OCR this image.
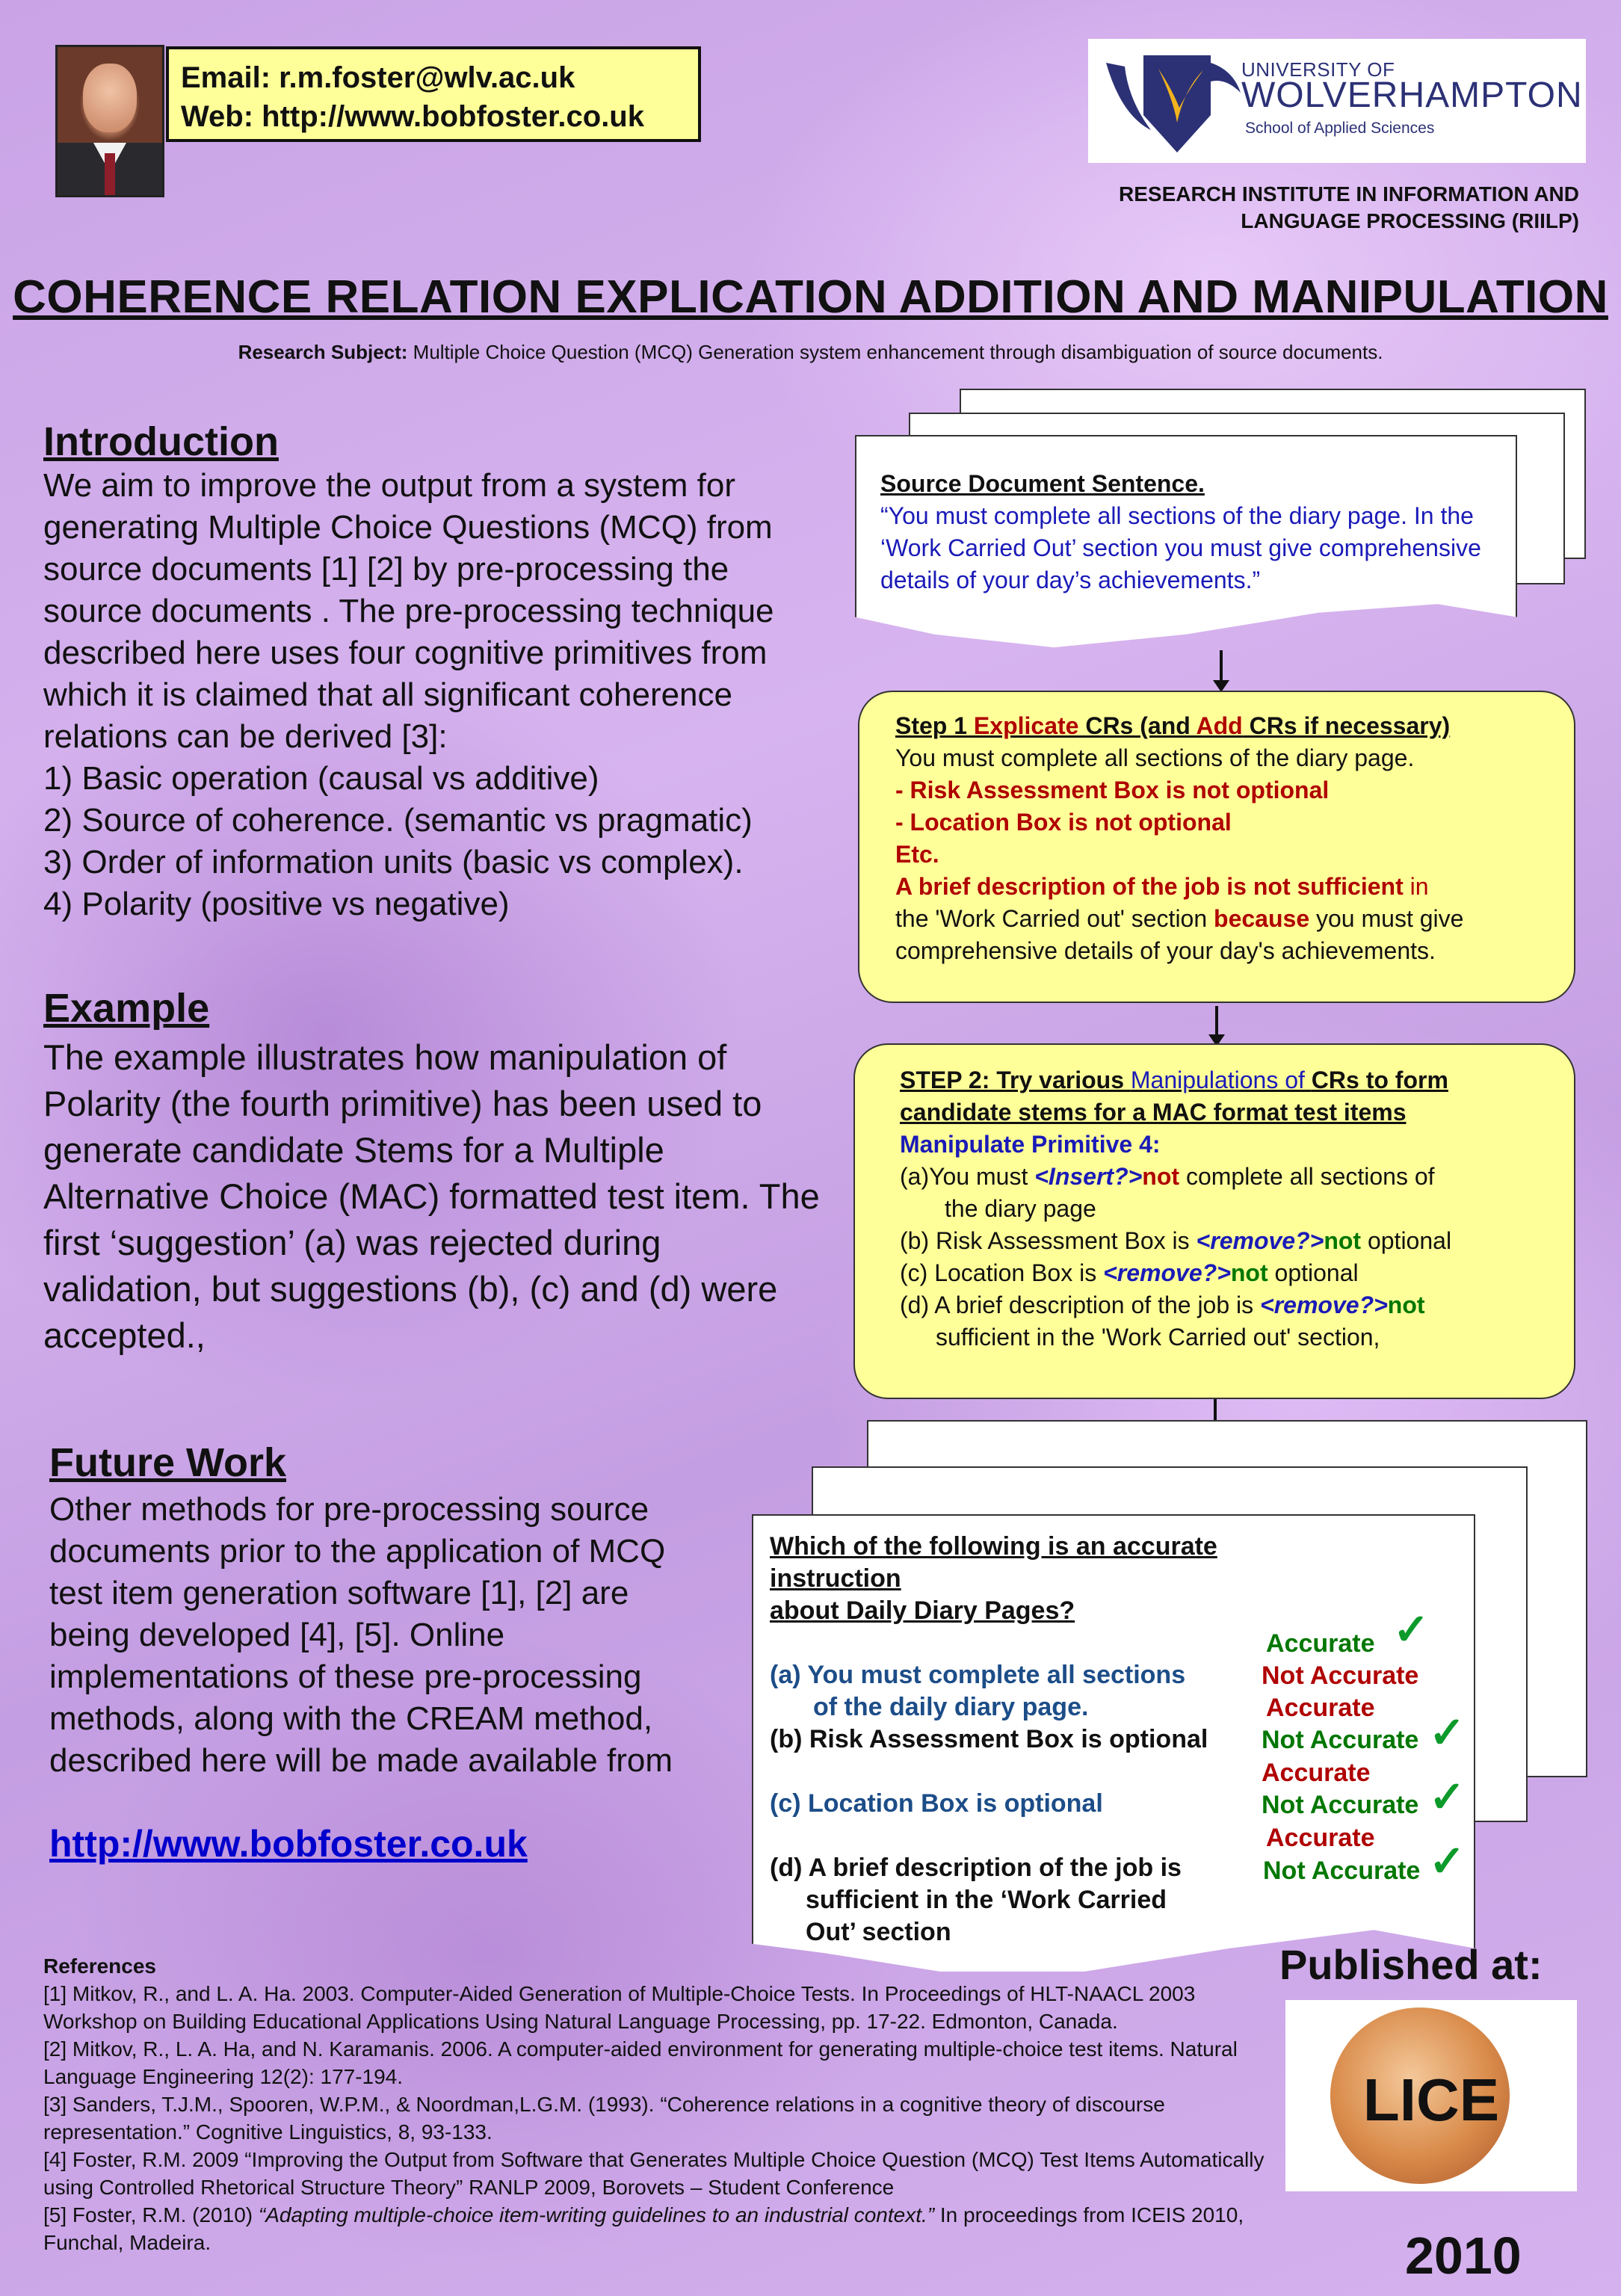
Email: r.m.foster@wlv.ac.uk
Web: http://www.bobfoster.co.uk
UNIVERSITY OF
WOLVERHAMPTON
School of Applied Sciences
RESEARCH INSTITUTE IN INFORMATION AND
LANGUAGE PROCESSING (RIILP)
COHERENCE RELATION EXPLICATION ADDITION AND MANIPULATION
Research Subject: Multiple Choice Question (MCQ) Generation system enhancement through disambiguation of source documents.
Introduction
We aim to improve the output from a system for generating Multiple Choice Questions (MCQ) from source documents [1] [2] by pre-processing the source documents . The pre-processing technique described here uses four cognitive primitives from which it is claimed that all significant coherence relations can be derived [3]:
1) Basic operation (causal vs additive)
2) Source of coherence. (semantic vs pragmatic)
3) Order of information units (basic vs complex).
4) Polarity (positive vs negative)
Example
The example illustrates how manipulation of Polarity (the fourth primitive) has been used to generate candidate Stems for a Multiple Alternative Choice (MAC) formatted test item. The first ‘suggestion’ (a) was rejected during validation, but suggestions (b), (c) and (d) were accepted.,
Future Work
Other methods for pre-processing source documents prior to the application of MCQ test item generation software [1], [2] are being developed [4], [5]. Online implementations of these pre-processing methods, along with the CREAM method, described here will be made available from
http://www.bobfoster.co.uk
Source Document Sentence.
“You must complete all sections of the diary page. In the ‘Work Carried Out’ section you must give comprehensive details of your day’s achievements.”
Step 1 Explicate CRs (and Add CRs if necessary)
You must complete all sections of the diary page.
- Risk Assessment Box is not optional
- Location Box is not optional
Etc.
A brief description of the job is not sufficient in
the 'Work Carried out' section because you must give
comprehensive details of your day's achievements.
STEP 2: Try various Manipulations of CRs to form
candidate stems for a MAC format test items
Manipulate Primitive 4:
(a)You must <Insert?>not complete all sections of
the diary page
(b) Risk Assessment Box is <remove?>not optional
(c) Location Box is <remove?>not optional
(d) A brief description of the job is <remove?>not
sufficient in the 'Work Carried out' section,
Which of the following is an accurate instruction
about Daily Diary Pages?
(a) You must complete all sections
of the daily diary page.
(b) Risk Assessment Box is optional
(c) Location Box is optional
(d) A brief description of the job is
sufficient in the ‘Work Carried
Out’ section
Accurate ✓
Not Accurate
Accurate
Not Accurate ✓
Accurate
Not Accurate ✓
Accurate
Not Accurate ✓
References
[1] Mitkov, R., and L. A. Ha. 2003. Computer-Aided Generation of Multiple-Choice Tests. In Proceedings of HLT-NAACL 2003 Workshop on Building Educational Applications Using Natural Language Processing, pp. 17-22. Edmonton, Canada.
[2] Mitkov, R., L. A. Ha, and N. Karamanis. 2006. A computer-aided environment for generating multiple-choice test items. Natural Language Engineering 12(2): 177-194.
[3] Sanders, T.J.M., Spooren, W.P.M., & Noordman,L.G.M. (1993). “Coherence relations in a cognitive theory of discourse representation.” Cognitive Linguistics, 8, 93-133.
[4] Foster, R.M. 2009 “Improving the Output from Software that Generates Multiple Choice Question (MCQ) Test Items Automatically using Controlled Rhetorical Structure Theory” RANLP 2009, Borovets – Student Conference
[5] Foster, R.M. (2010) “Adapting multiple-choice item-writing guidelines to an industrial context.” In proceedings from ICEIS 2010, Funchal, Madeira.
Published at:
LICE
2010
